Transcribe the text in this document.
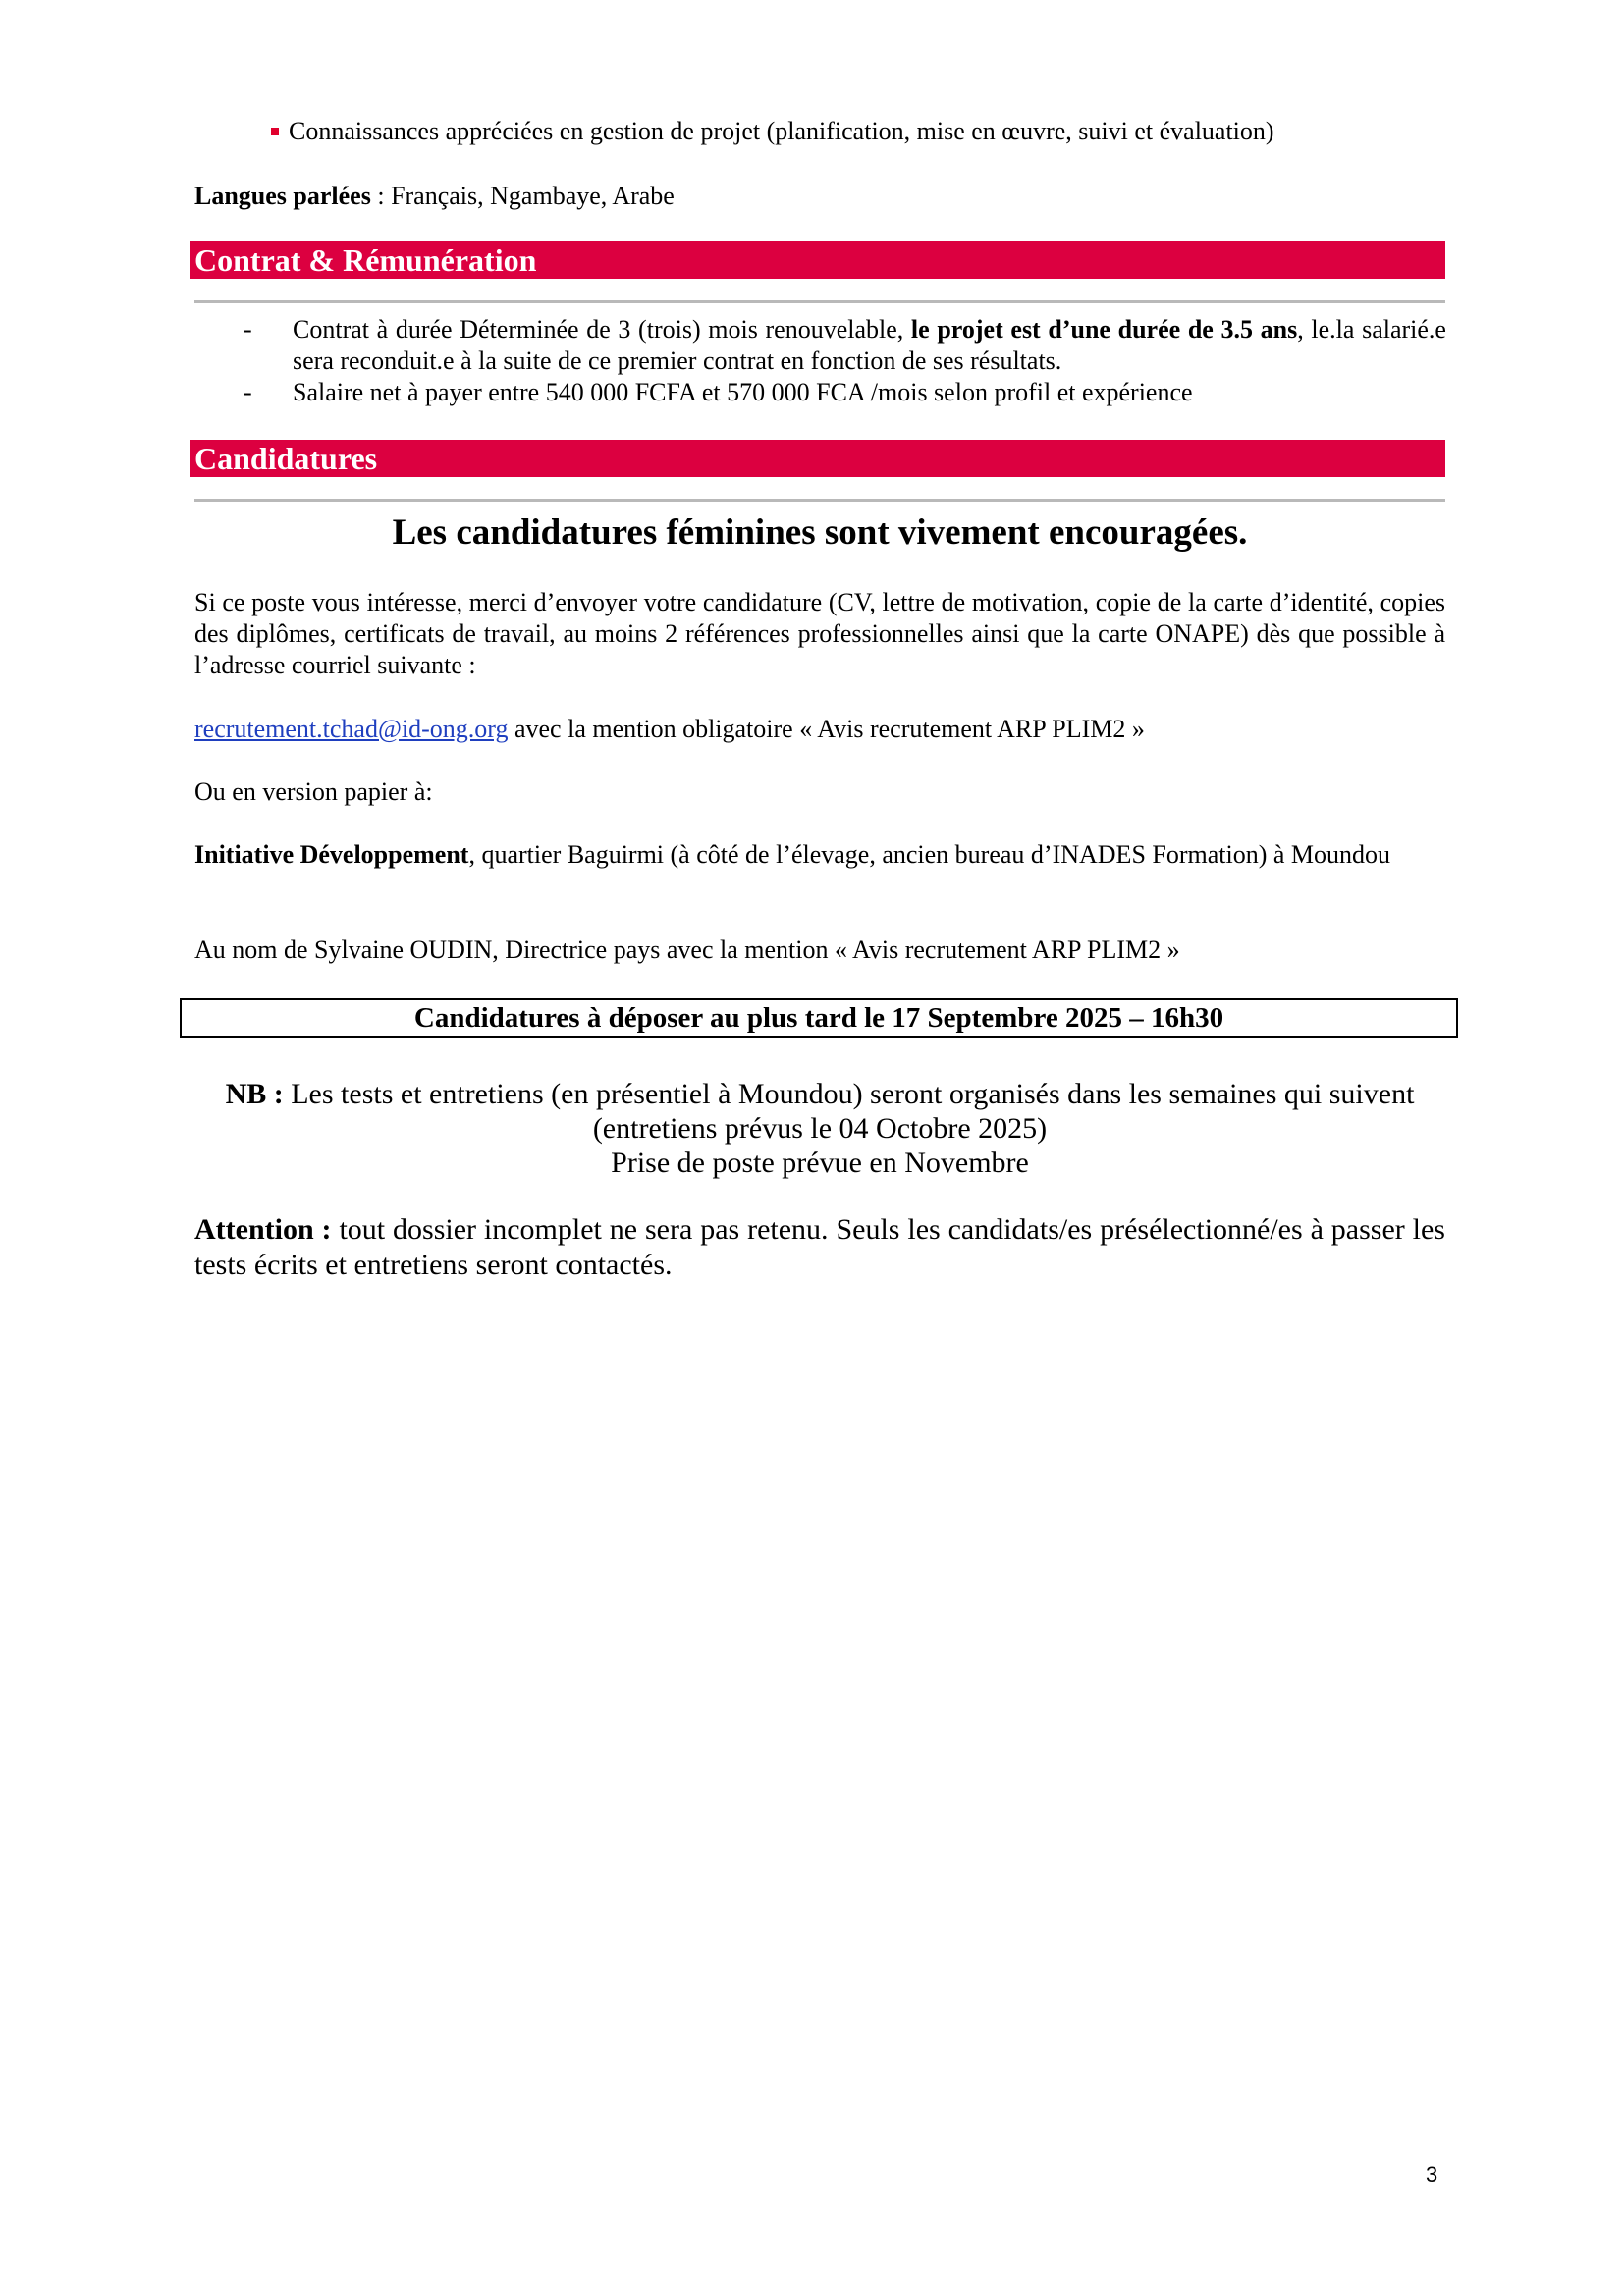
Connaissances appréciées en gestion de projet (planification, mise en œuvre, suivi et évaluation)
Langues parlées : Français, Ngambaye, Arabe
Contrat & Rémunération
- Contrat à durée Déterminée de 3 (trois) mois renouvelable, le projet est d’une durée de 3.5 ans, le.la salarié.e sera reconduit.e à la suite de ce premier contrat en fonction de ses résultats.
- Salaire net à payer entre 540 000 FCFA et 570 000 FCA /mois selon profil et expérience
Candidatures
Les candidatures féminines sont vivement encouragées.
Si ce poste vous intéresse, merci d’envoyer votre candidature (CV, lettre de motivation, copie de la carte d’identité, copies des diplômes, certificats de travail, au moins 2 références professionnelles ainsi que la carte ONAPE) dès que possible à l’adresse courriel suivante :
recrutement.tchad@id-ong.org avec la mention obligatoire « Avis recrutement ARP PLIM2 »
Ou en version papier à:
Initiative Développement, quartier Baguirmi (à côté de l’élevage, ancien bureau d’INADES Formation) à Moundou
Au nom de Sylvaine OUDIN, Directrice pays avec la mention « Avis recrutement ARP PLIM2 »
Candidatures à déposer au plus tard le 17 Septembre 2025 – 16h30
NB : Les tests et entretiens (en présentiel à Moundou) seront organisés dans les semaines qui suivent
(entretiens prévus le 04 Octobre 2025)
Prise de poste prévue en Novembre
Attention : tout dossier incomplet ne sera pas retenu. Seuls les candidats/es présélectionné/es à passer les tests écrits et entretiens seront contactés.
3
